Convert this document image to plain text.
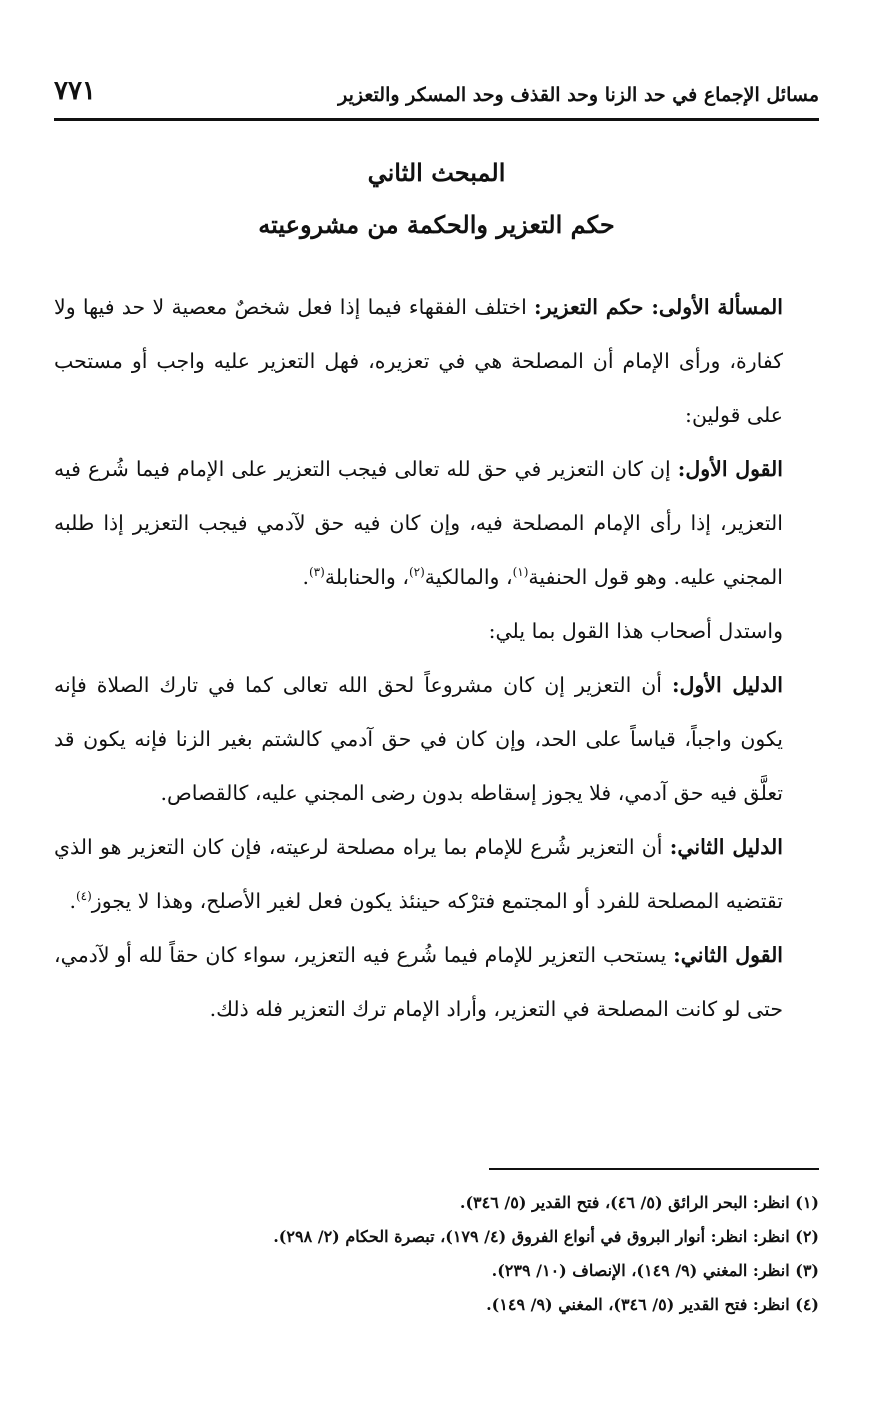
مسائل الإجماع في حد الزنا وحد القذف وحد المسكر والتعزير
٧٧١
المبحث الثاني
حكم التعزير والحكمة من مشروعيته

المسألة الأولى: حكم التعزير: اختلف الفقهاء فيما إذا فعل شخصٌ معصية لا حد فيها ولا كفارة، ورأى الإمام أن المصلحة هي في تعزيره، فهل التعزير عليه واجب أو مستحب على قولين:

القول الأول: إن كان التعزير في حق لله تعالى فيجب التعزير على الإمام فيما شُرع فيه التعزير، إذا رأى الإمام المصلحة فيه، وإن كان فيه حق لآدمي فيجب التعزير إذا طلبه المجني عليه. وهو قول الحنفية$^{(١)}$، والمالكية$^{(٢)}$، والحنابلة$^{(٣)}$.

واستدل أصحاب هذا القول بما يلي:

الدليل الأول: أن التعزير إن كان مشروعاً لحق الله تعالى كما في تارك الصلاة فإنه يكون واجباً، قياساً على الحد، وإن كان في حق آدمي كالشتم بغير الزنا فإنه يكون قد تعلَّق فيه حق آدمي، فلا يجوز إسقاطه بدون رضى المجني عليه، كالقصاص.

الدليل الثاني: أن التعزير شُرع للإمام بما يراه مصلحة لرعيته، فإن كان التعزير هو الذي تقتضيه المصلحة للفرد أو المجتمع فترْكه حينئذ يكون فعل لغير الأصلح، وهذا لا يجوز$^{(٤)}$.

القول الثاني: يستحب التعزير للإمام فيما شُرع فيه التعزير، سواء كان حقاً لله أو لآدمي، حتى لو كانت المصلحة في التعزير، وأراد الإمام ترك التعزير فله ذلك.

(١) انظر: البحر الرائق (٥/ ٤٦)، فتح القدير (٥/ ٣٤٦).
(٢) انظر: انظر: أنوار البروق في أنواع الفروق (٤/ ١٧٩)، تبصرة الحكام (٢/ ٢٩٨).
(٣) انظر: المغني (٩/ ١٤٩)، الإنصاف (١٠/ ٢٣٩).
(٤) انظر: فتح القدير (٥/ ٣٤٦)، المغني (٩/ ١٤٩).
